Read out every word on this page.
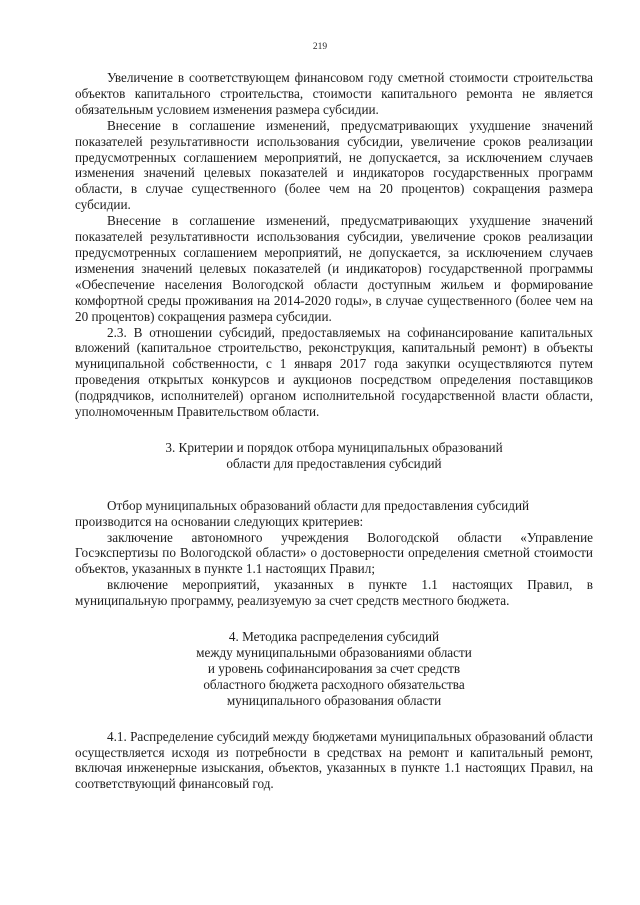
219

Увеличение в соответствующем финансовом году сметной стоимости строительства объектов капитального строительства, стоимости капитального ремонта не является обязательным условием изменения размера субсидии.

Внесение в соглашение изменений, предусматривающих ухудшение значений показателей результативности использования субсидии, увеличение сроков реализации предусмотренных соглашением мероприятий, не допускается, за исключением случаев изменения значений целевых показателей и индикаторов государственных программ области, в случае существенного (более чем на 20 процентов) сокращения размера субсидии.

Внесение в соглашение изменений, предусматривающих ухудшение значений показателей результативности использования субсидии, увеличение сроков реализации предусмотренных соглашением мероприятий, не допускается, за исключением случаев изменения значений целевых показателей (и индикаторов) государственной программы «Обеспечение населения Вологодской области доступным жильем и формирование комфортной среды проживания на 2014-2020 годы», в случае существенного (более чем на 20 процентов) сокращения размера субсидии.

2.3. В отношении субсидий, предоставляемых на софинансирование капитальных вложений (капитальное строительство, реконструкция, капитальный ремонт) в объекты муниципальной собственности, с 1 января 2017 года закупки осуществляются путем проведения открытых конкурсов и аукционов посредством определения поставщиков (подрядчиков, исполнителей) органом исполнительной государственной власти области, уполномоченным Правительством области.

3. Критерии и порядок отбора муниципальных образований
области для предоставления субсидий

Отбор муниципальных образований области для предоставления субсидий
производится на основании следующих критериев:

заключение автономного учреждения Вологодской области «Управление Госэкспертизы по Вологодской области» о достоверности определения сметной стоимости объектов, указанных в пункте 1.1 настоящих Правил;

включение мероприятий, указанных в пункте 1.1 настоящих Правил, в муниципальную программу, реализуемую за счет средств местного бюджета.

4. Методика распределения субсидий
между муниципальными образованиями области
и уровень софинансирования за счет средств
областного бюджета расходного обязательства
муниципального образования области

4.1. Распределение субсидий между бюджетами муниципальных образований области осуществляется исходя из потребности в средствах на ремонт и капитальный ремонт, включая инженерные изыскания, объектов, указанных в пункте 1.1 настоящих Правил, на соответствующий финансовый год.
